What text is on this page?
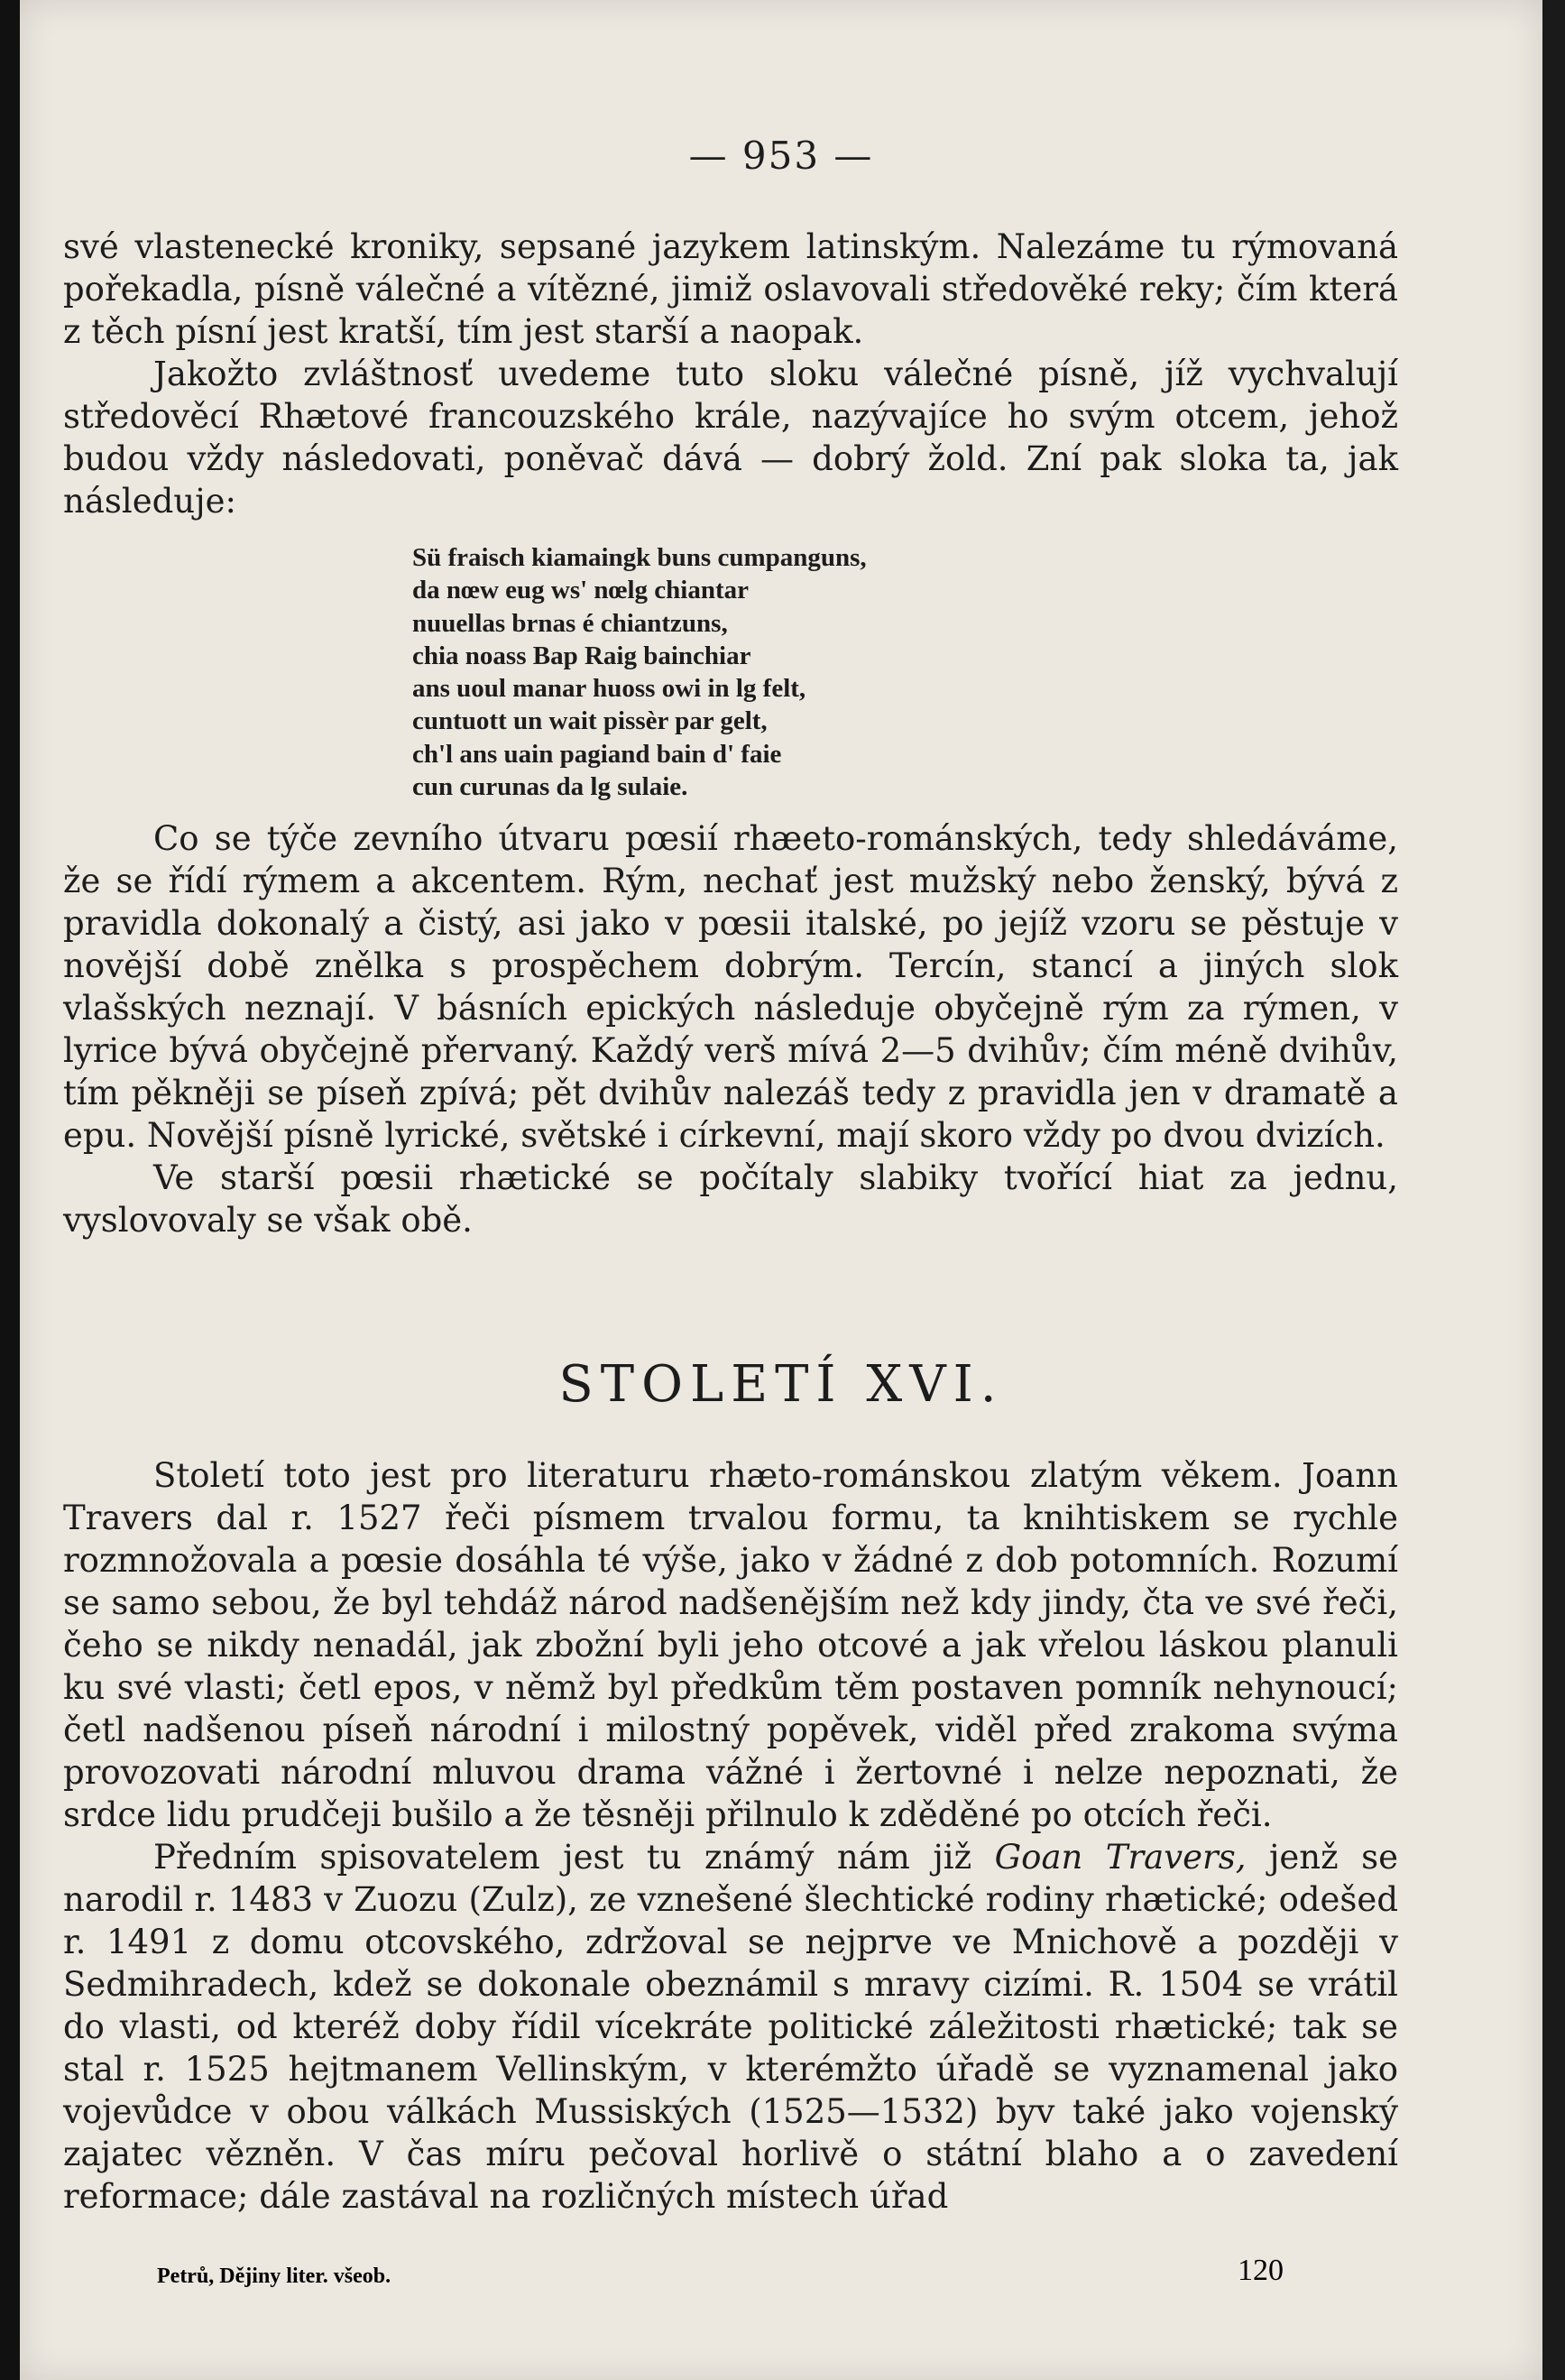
— 953 —

své vlastenecké kroniky, sepsané jazykem latinským. Nalezáme tu rýmovaná pořekadla, písně válečné a vítězné, jimiž oslavovali středověké reky; čím která z těch písní jest kratší, tím jest starší a naopak.

Jakožto zvláštnosť uvedeme tuto sloku válečné písně, jíž vychvalují středověcí Rhætové francouzského krále, nazývajíce ho svým otcem, jehož budou vždy následovati, poněvač dává — dobrý žold. Zní pak sloka ta, jak následuje:

Sü fraisch kiamaingk buns cumpanguns,
da nœw eug ws' nœlg chiantar
nuuellas brnas é chiantzuns,
chia noass Bap Raig bainchiar
ans uoul manar huoss owi in lg felt,
cuntuott un wait pissèr par gelt,
ch'l ans uain pagiand bain d' faie
cun curunas da lg sulaie.

Co se týče zevního útvaru pœsií rhæeto-románských, tedy shledáváme, že se řídí rýmem a akcentem. Rým, nechať jest mužský nebo ženský, bývá z pravidla dokonalý a čistý, asi jako v pœsii italské, po jejíž vzoru se pěstuje v novější době znělka s prospěchem dobrým. Tercín, stancí a jiných slok vlašských neznají. V básních epických následuje obyčejně rým za rýmen, v lyrice bývá obyčejně přervaný. Každý verš mívá 2—5 dvihův; čím méně dvihův, tím pěkněji se píseň zpívá; pět dvihův nalezáš tedy z pravidla jen v dramatě a epu. Novější písně lyrické, světské i církevní, mají skoro vždy po dvou dvizích.

Ve starší pœsii rhætické se počítaly slabiky tvořící hiat za jednu, vyslovovaly se však obě.

STOLETÍ XVI.

Století toto jest pro literaturu rhæto-románskou zlatým věkem. Joann Travers dal r. 1527 řeči písmem trvalou formu, ta knihtiskem se rychle rozmnožovala a pœsie dosáhla té výše, jako v žádné z dob potomních. Rozumí se samo sebou, že byl tehdáž národ nadšenějším než kdy jindy, čta ve své řeči, čeho se nikdy nenadál, jak zbožní byli jeho otcové a jak vřelou láskou planuli ku své vlasti; četl epos, v němž byl předkům těm postaven pomník nehynoucí; četl nadšenou píseň národní i milostný popěvek, viděl před zrakoma svýma provozovati národní mluvou drama vážné i žertovné i nelze nepoznati, že srdce lidu prudčeji bušilo a že těsněji přilnulo k zděděné po otcích řeči.

Předním spisovatelem jest tu známý nám již Goan Travers, jenž se narodil r. 1483 v Zuozu (Zulz), ze vznešené šlechtické rodiny rhætické; odešed r. 1491 z domu otcovského, zdržoval se nejprve ve Mnichově a později v Sedmihradech, kdež se dokonale obeznámil s mravy cizími. R. 1504 se vrátil do vlasti, od kteréž doby řídil vícekráte politické záležitosti rhætické; tak se stal r. 1525 hejtmanem Vellinským, v kterémžto úřadě se vyznamenal jako vojevůdce v obou válkách Mussiských (1525—1532) byv také jako vojenský zajatec vězněn. V čas míru pečoval horlivě o státní blaho a o zavedení reformace; dále zastával na rozličných místech úřad

Petrů, Dějiny liter. všeob.	120
